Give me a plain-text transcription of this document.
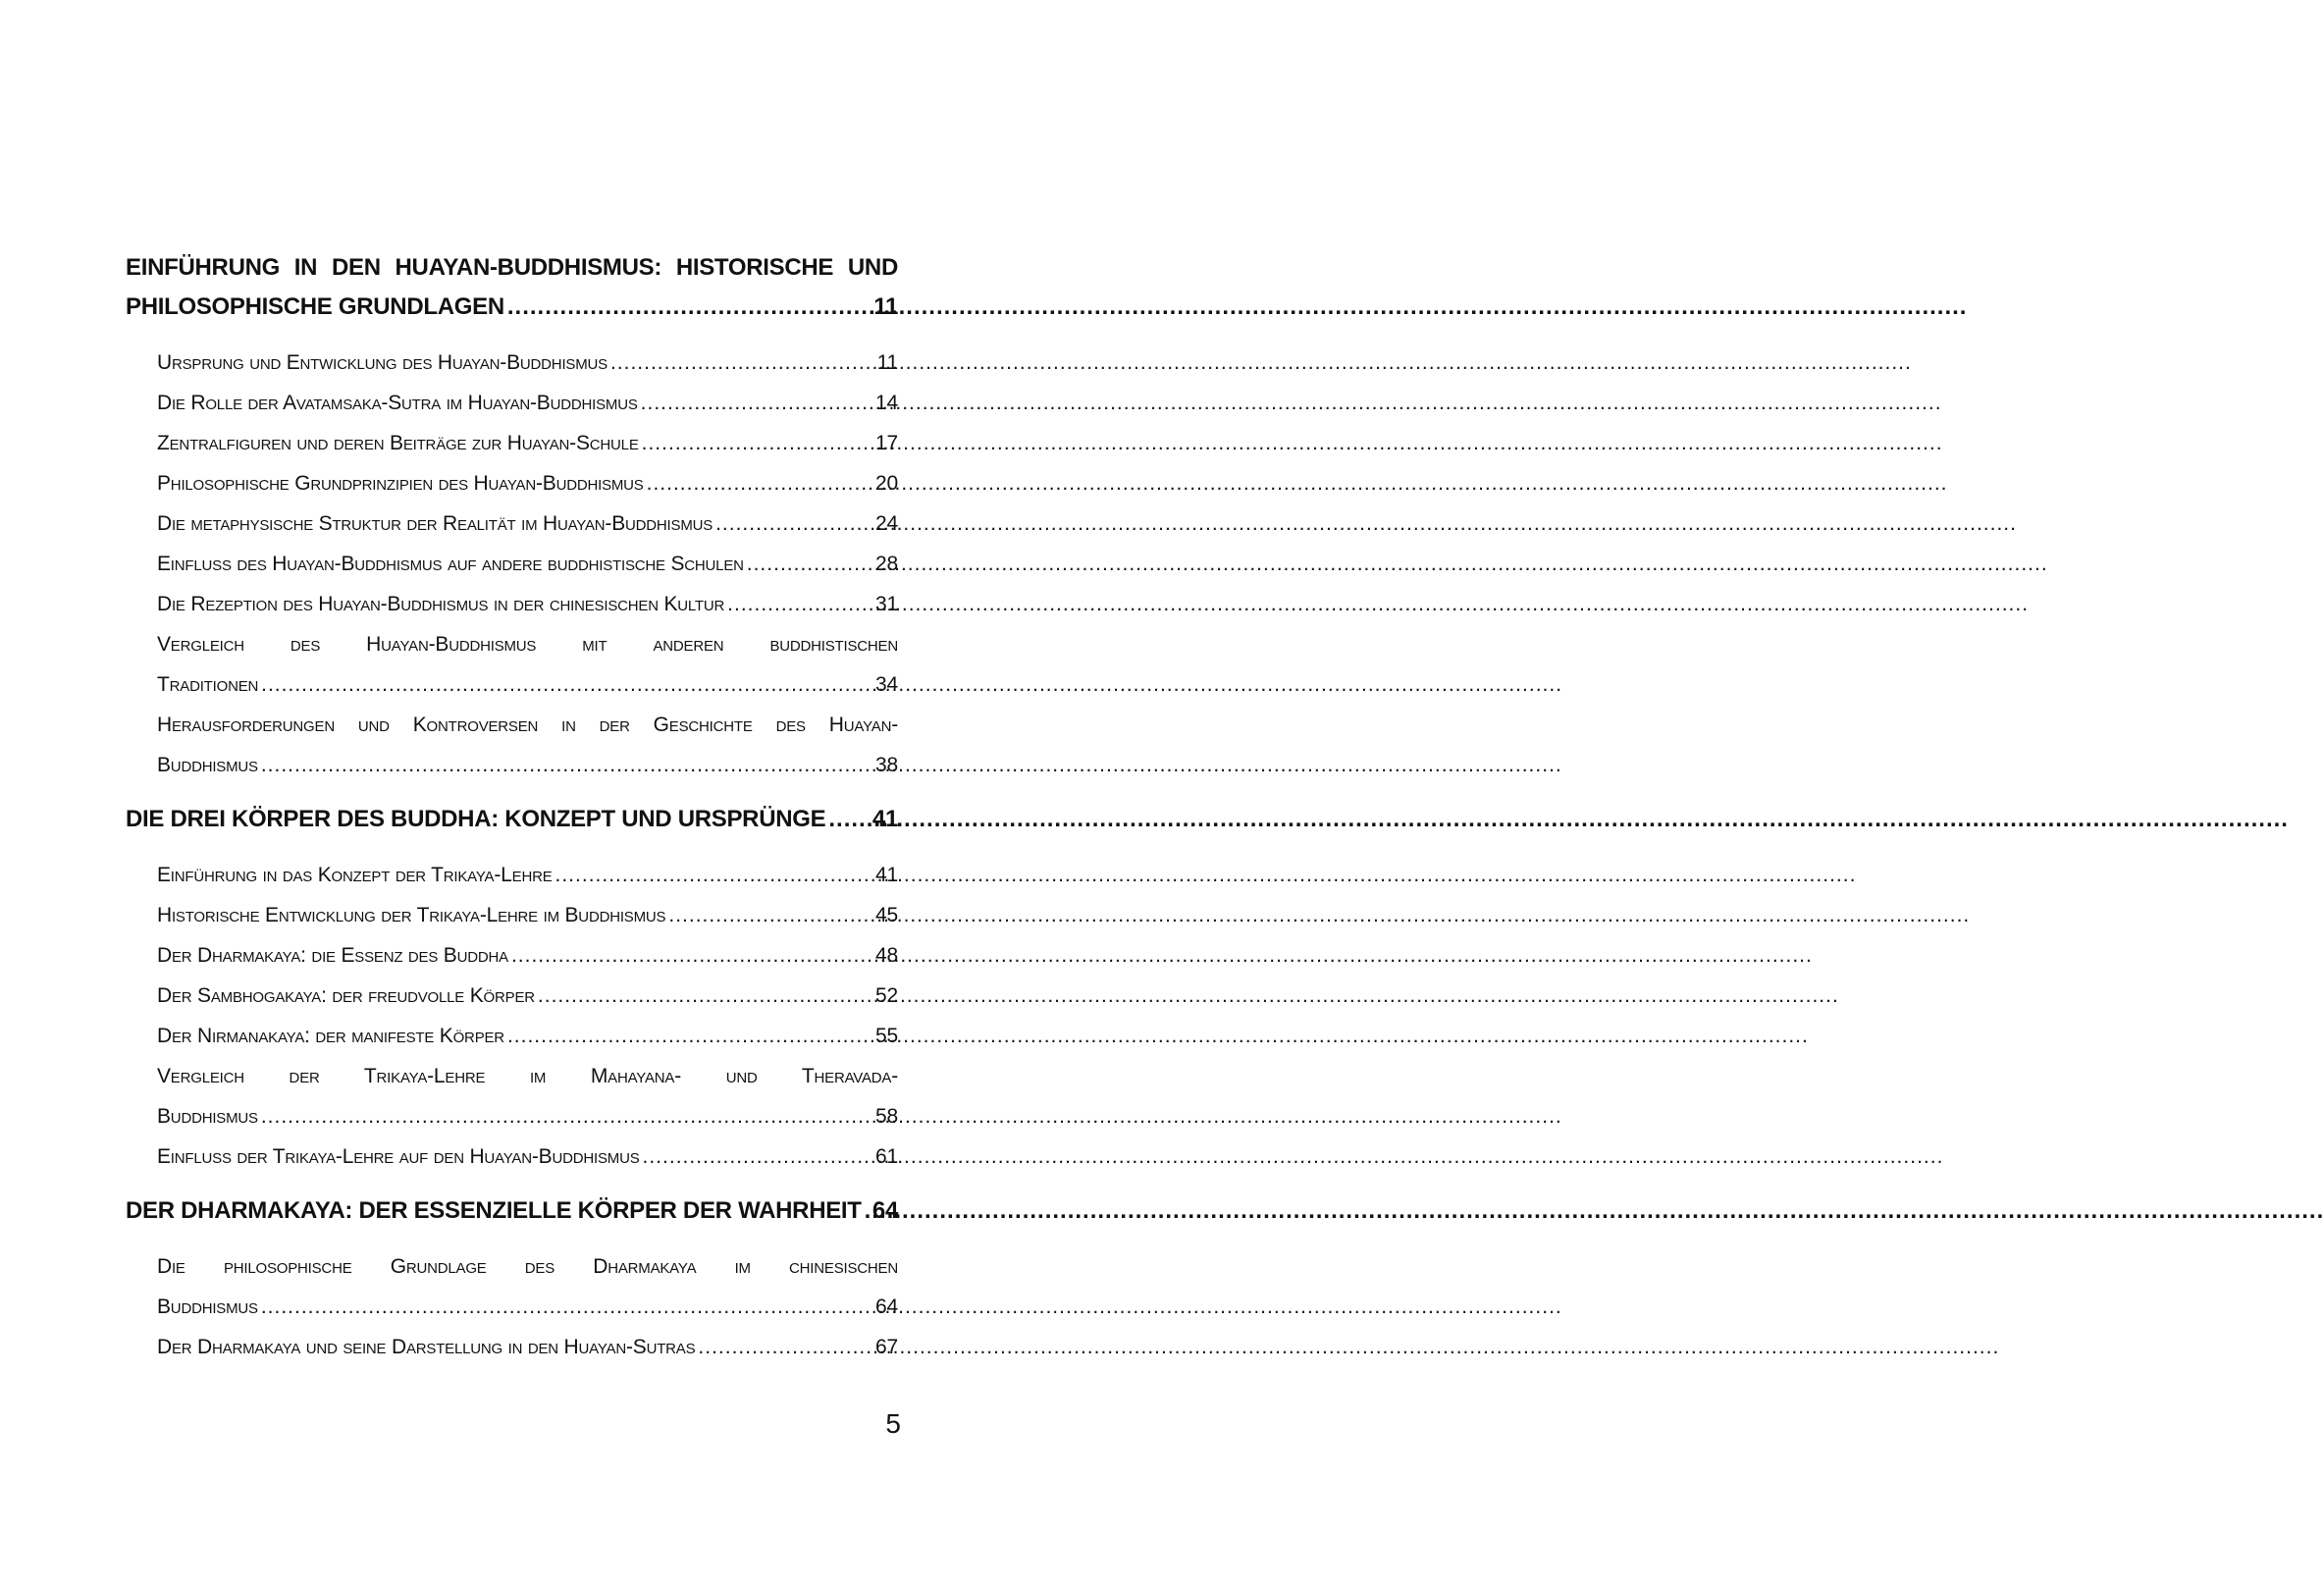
EINFÜHRUNG IN DEN HUAYAN-BUDDHISMUS: HISTORISCHE UND
PHILOSOPHISCHE GRUNDLAGEN .....	11
Ursprung und Entwicklung des Huayan-Buddhismus .....	11
Die Rolle der Avatamsaka-Sutra im Huayan-Buddhismus .....	14
Zentralfiguren und deren Beiträge zur Huayan-Schule .....	17
Philosophische Grundprinzipien des Huayan-Buddhismus .....	20
Die metaphysische Struktur der Realität im Huayan-Buddhismus .....	24
Einfluss des Huayan-Buddhismus auf andere buddhistische Schulen .....	28
Die Rezeption des Huayan-Buddhismus in der chinesischen Kultur .....	31
Vergleich des Huayan-Buddhismus mit anderen buddhistischen
Traditionen .....	34
Herausforderungen und Kontroversen in der Geschichte des Huayan-
Buddhismus .....	38
DIE DREI KÖRPER DES BUDDHA: KONZEPT UND URSPRÜNGE ..... 41
Einführung in das Konzept der Trikaya-Lehre .....	41
Historische Entwicklung der Trikaya-Lehre im Buddhismus .....	45
Der Dharmakaya: die Essenz des Buddha .....	48
Der Sambhogakaya: der freudvolle Körper .....	52
Der Nirmanakaya: der manifeste Körper .....	55
Vergleich der Trikaya-Lehre im Mahayana- und Theravada-
Buddhismus .....	58
Einfluss der Trikaya-Lehre auf den Huayan-Buddhismus .....	61
DER DHARMAKAYA: DER ESSENZIELLE KÖRPER DER WAHRHEIT ..... 64
Die philosophische Grundlage des Dharmakaya im chinesischen
Buddhismus .....	64
Der Dharmakaya und seine Darstellung in den Huayan-Sutras .....	67
5
